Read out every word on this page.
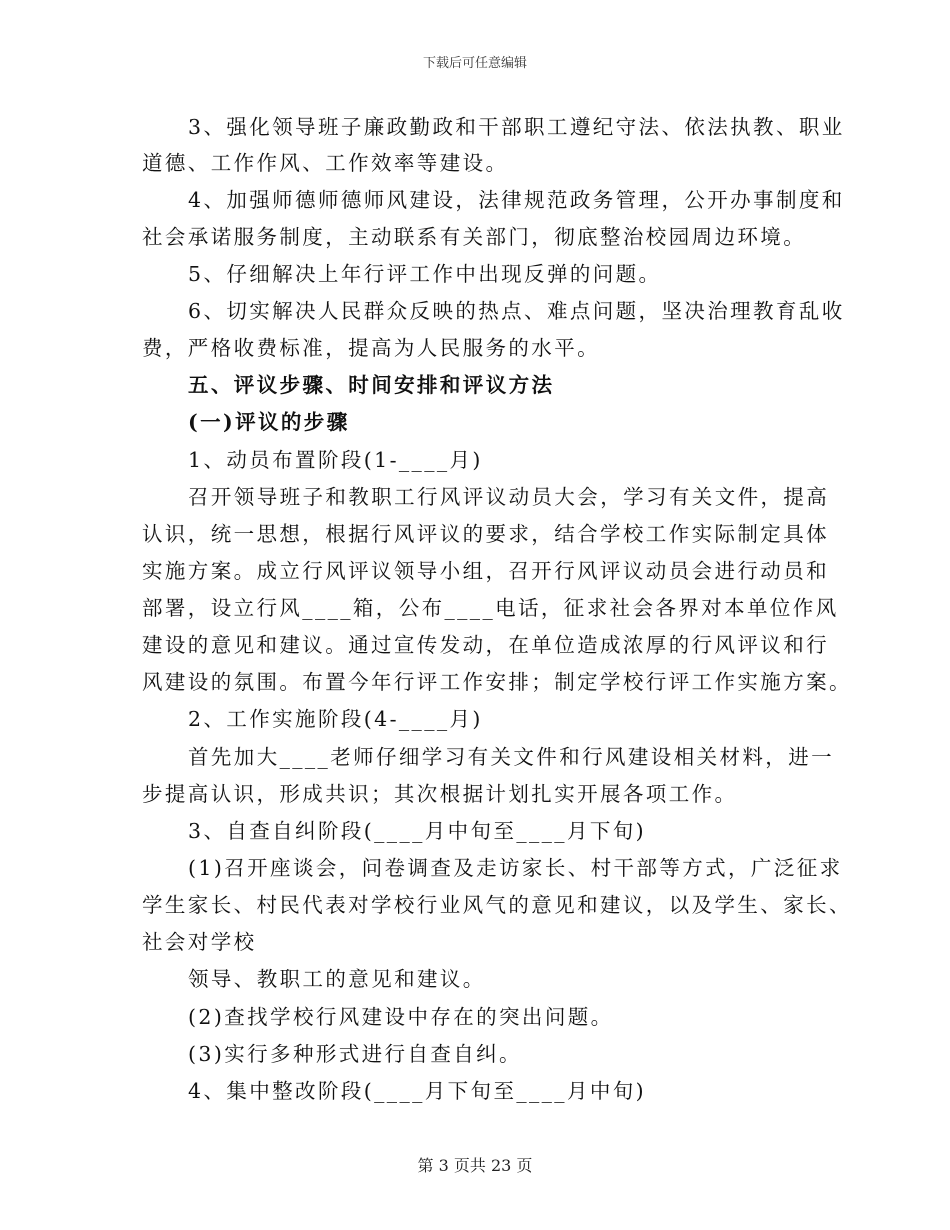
下载后可任意编辑
3、强化领导班子廉政勤政和干部职工遵纪守法、依法执教、职业
道德、工作作风、工作效率等建设。
4、加强师德师德师风建设，法律规范政务管理，公开办事制度和
社会承诺服务制度，主动联系有关部门，彻底整治校园周边环境。
5、仔细解决上年行评工作中出现反弹的问题。
6、切实解决人民群众反映的热点、难点问题，坚决治理教育乱收
费，严格收费标准，提高为人民服务的水平。
五、评议步骤、时间安排和评议方法
(一)评议的步骤
1、动员布置阶段(1-____月)
召开领导班子和教职工行风评议动员大会，学习有关文件，提高
认识，统一思想，根据行风评议的要求，结合学校工作实际制定具体
实施方案。成立行风评议领导小组，召开行风评议动员会进行动员和
部署，设立行风____箱，公布____电话，征求社会各界对本单位作风
建设的意见和建议。通过宣传发动，在单位造成浓厚的行风评议和行
风建设的氛围。布置今年行评工作安排；制定学校行评工作实施方案。
2、工作实施阶段(4-____月)
首先加大____老师仔细学习有关文件和行风建设相关材料，进一
步提高认识，形成共识；其次根据计划扎实开展各项工作。
3、自查自纠阶段(____月中旬至____月下旬)
(1)召开座谈会，问卷调查及走访家长、村干部等方式，广泛征求
学生家长、村民代表对学校行业风气的意见和建议，以及学生、家长、
社会对学校
领导、教职工的意见和建议。
(2)查找学校行风建设中存在的突出问题。
(3)实行多种形式进行自查自纠。
4、集中整改阶段(____月下旬至____月中旬)
第 3 页共 23 页
